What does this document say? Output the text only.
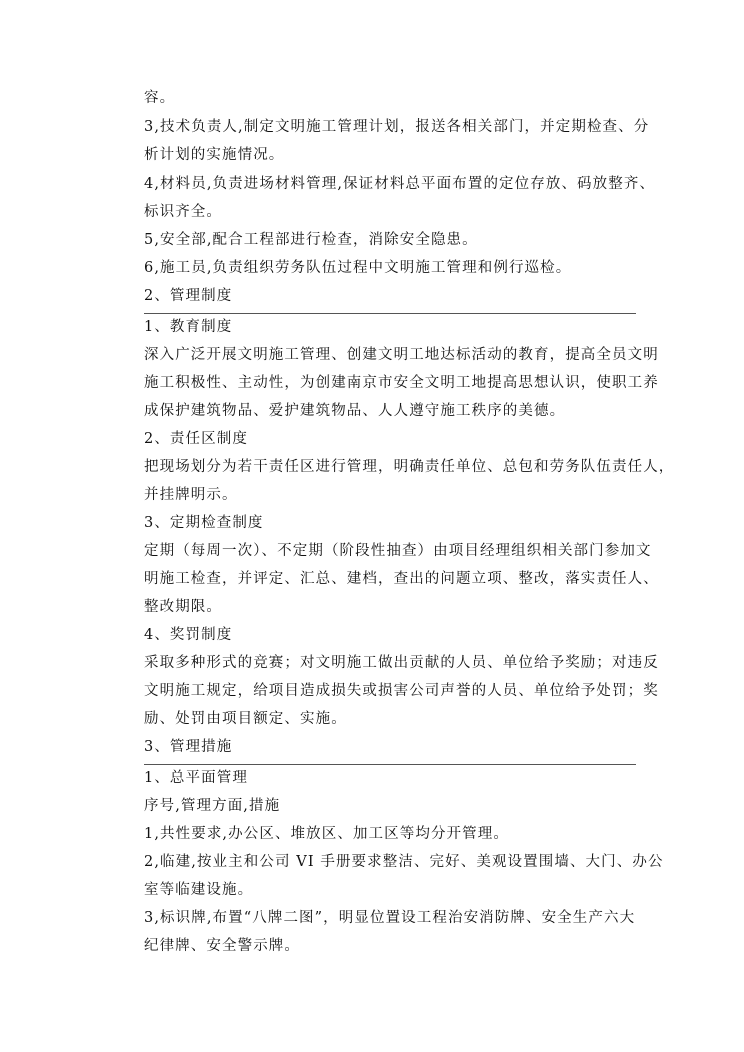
容。
3,技术负责人,制定文明施工管理计划，报送各相关部门，并定期检查、分
析计划的实施情况。
4,材料员,负责进场材料管理,保证材料总平面布置的定位存放、码放整齐、
标识齐全。
5,安全部,配合工程部进行检查，消除安全隐患。
6,施工员,负责组织劳务队伍过程中文明施工管理和例行巡检。
2、管理制度
1、教育制度
深入广泛开展文明施工管理、创建文明工地达标活动的教育，提高全员文明
施工积极性、主动性，为创建南京市安全文明工地提高思想认识，使职工养
成保护建筑物品、爱护建筑物品、人人遵守施工秩序的美德。
2、责任区制度
把现场划分为若干责任区进行管理，明确责任单位、总包和劳务队伍责任人，
并挂牌明示。
3、定期检查制度
定期（每周一次）、不定期（阶段性抽查）由项目经理组织相关部门参加文
明施工检查，并评定、汇总、建档，查出的问题立项、整改，落实责任人、
整改期限。
4、奖罚制度
采取多种形式的竞赛；对文明施工做出贡献的人员、单位给予奖励；对违反
文明施工规定，给项目造成损失或损害公司声誉的人员、单位给予处罚；奖
励、处罚由项目额定、实施。
3、管理措施
1、总平面管理
序号,管理方面,措施
1,共性要求,办公区、堆放区、加工区等均分开管理。
2,临建,按业主和公司 VI 手册要求整洁、完好、美观设置围墙、大门、办公
室等临建设施。
3,标识牌,布置“八牌二图”，明显位置设工程治安消防牌、安全生产六大
纪律牌、安全警示牌。
